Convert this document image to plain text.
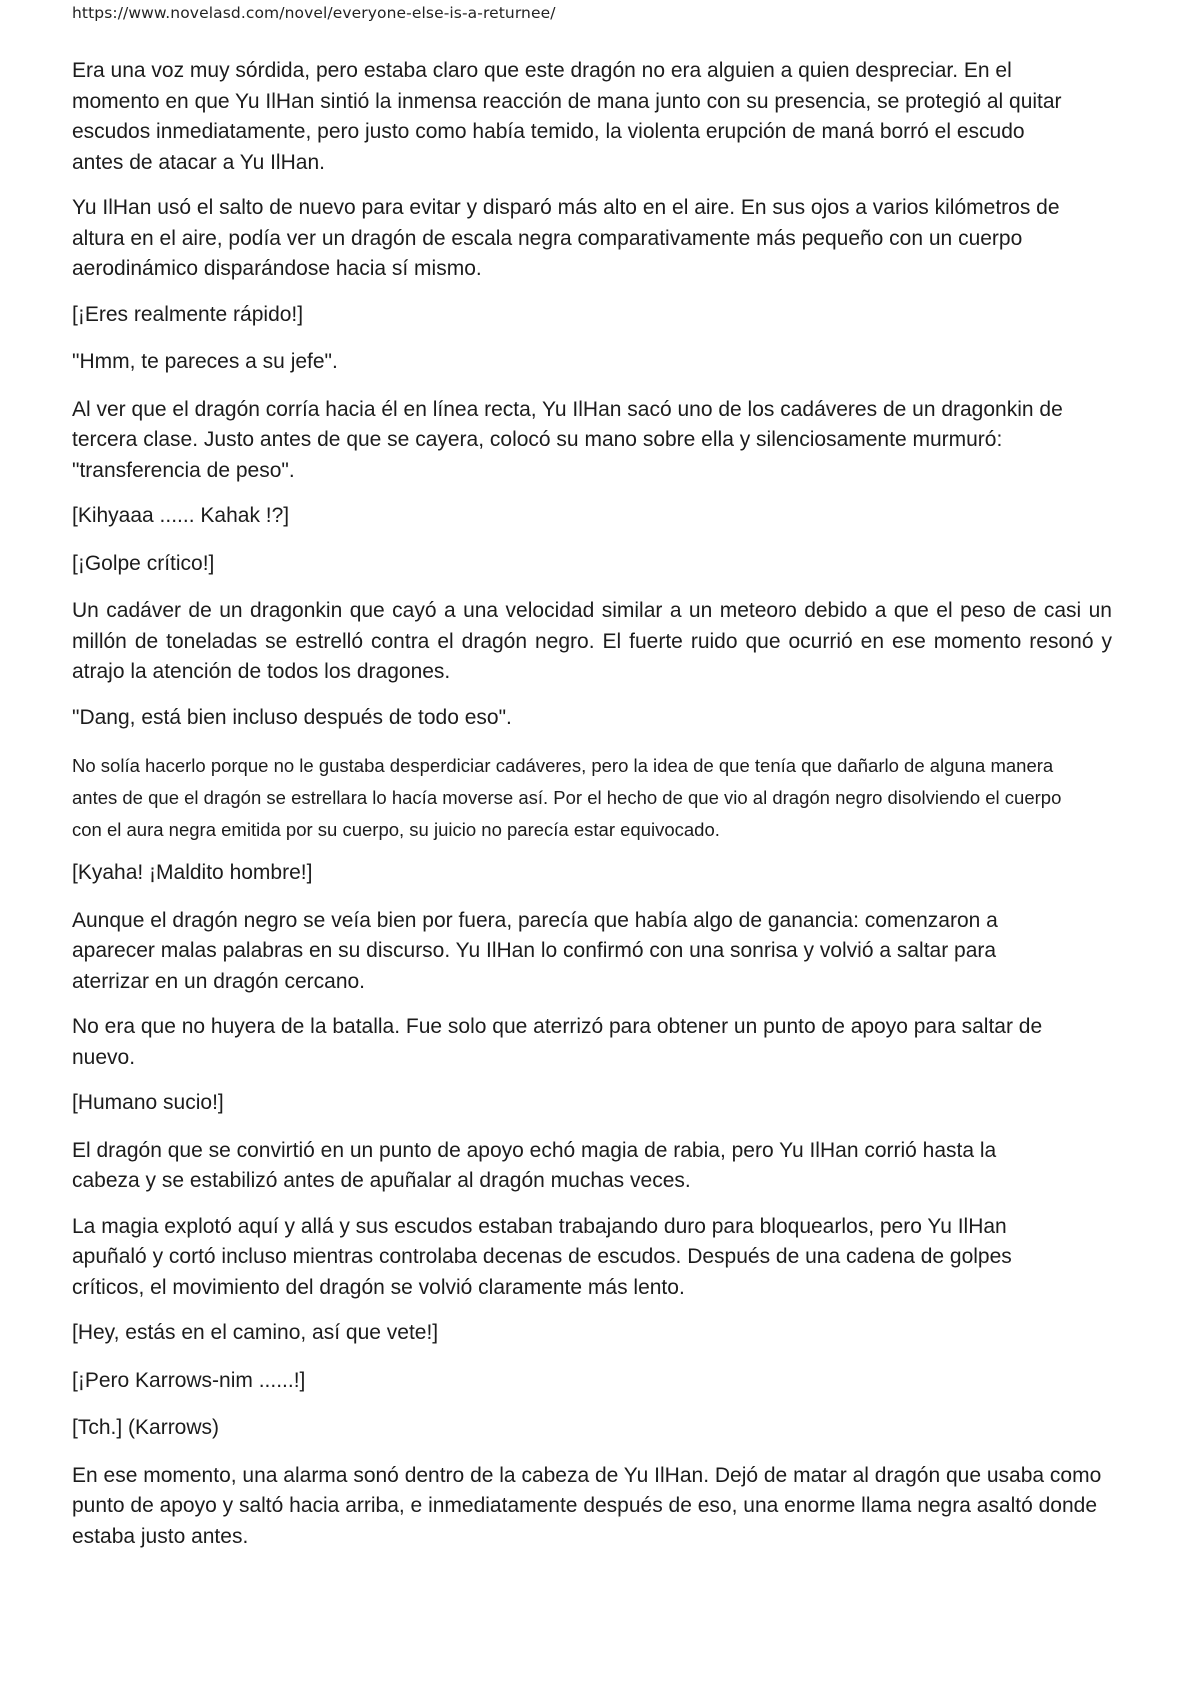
https://www.novelasd.com/novel/everyone-else-is-a-returnee/

Era una voz muy sórdida, pero estaba claro que este dragón no era alguien a quien despreciar. En el momento en que Yu IlHan sintió la inmensa reacción de mana junto con su presencia, se protegió al quitar escudos inmediatamente, pero justo como había temido, la violenta erupción de maná borró el escudo antes de atacar a Yu IlHan.

Yu IlHan usó el salto de nuevo para evitar y disparó más alto en el aire. En sus ojos a varios kilómetros de altura en el aire, podía ver un dragón de escala negra comparativamente más pequeño con un cuerpo aerodinámico disparándose hacia sí mismo.

[¡Eres realmente rápido!]

"Hmm, te pareces a su jefe".

Al ver que el dragón corría hacia él en línea recta, Yu IlHan sacó uno de los cadáveres de un dragonkin de tercera clase. Justo antes de que se cayera, colocó su mano sobre ella y silenciosamente murmuró: "transferencia de peso".

[Kihyaaa ...... Kahak !?]

[¡Golpe crítico!]

Un cadáver de un dragonkin que cayó a una velocidad similar a un meteoro debido a que el peso de casi un millón de toneladas se estrelló contra el dragón negro. El fuerte ruido que ocurrió en ese momento resonó y atrajo la atención de todos los dragones.

"Dang, está bien incluso después de todo eso".

No solía hacerlo porque no le gustaba desperdiciar cadáveres, pero la idea de que tenía que dañarlo de alguna manera antes de que el dragón se estrellara lo hacía moverse así. Por el hecho de que vio al dragón negro disolviendo el cuerpo con el aura negra emitida por su cuerpo, su juicio no parecía estar equivocado.

[Kyaha! ¡Maldito hombre!]

Aunque el dragón negro se veía bien por fuera, parecía que había algo de ganancia: comenzaron a aparecer malas palabras en su discurso. Yu IlHan lo confirmó con una sonrisa y volvió a saltar para aterrizar en un dragón cercano.

No era que no huyera de la batalla. Fue solo que aterrizó para obtener un punto de apoyo para saltar de nuevo.

[Humano sucio!]

El dragón que se convirtió en un punto de apoyo echó magia de rabia, pero Yu IlHan corrió hasta la cabeza y se estabilizó antes de apuñalar al dragón muchas veces.

La magia explotó aquí y allá y sus escudos estaban trabajando duro para bloquearlos, pero Yu IlHan apuñaló y cortó incluso mientras controlaba decenas de escudos. Después de una cadena de golpes críticos, el movimiento del dragón se volvió claramente más lento.

[Hey, estás en el camino, así que vete!]

[¡Pero Karrows-nim ......!]

[Tch.] (Karrows)

En ese momento, una alarma sonó dentro de la cabeza de Yu IlHan. Dejó de matar al dragón que usaba como punto de apoyo y saltó hacia arriba, e inmediatamente después de eso, una enorme llama negra asaltó donde estaba justo antes.
